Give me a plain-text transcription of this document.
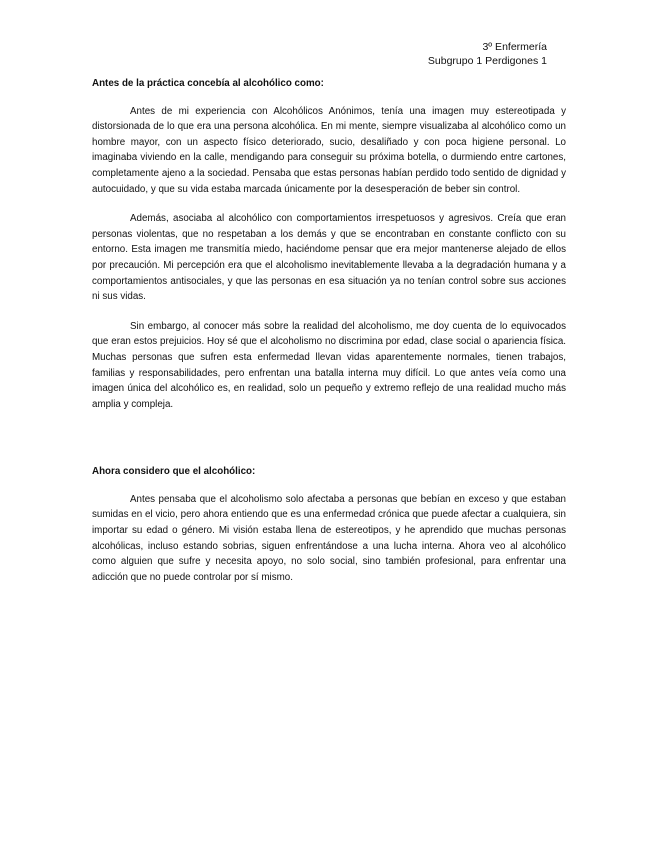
3º Enfermería
Subgrupo 1 Perdigones 1
Antes de la práctica concebía al alcohólico como:

Antes de mi experiencia con Alcohólicos Anónimos, tenía una imagen muy estereotipada y distorsionada de lo que era una persona alcohólica. En mi mente, siempre visualizaba al alcohólico como un hombre mayor, con un aspecto físico deteriorado, sucio, desaliñado y con poca higiene personal. Lo imaginaba viviendo en la calle, mendigando para conseguir su próxima botella, o durmiendo entre cartones, completamente ajeno a la sociedad. Pensaba que estas personas habían perdido todo sentido de dignidad y autocuidado, y que su vida estaba marcada únicamente por la desesperación de beber sin control.

Además, asociaba al alcohólico con comportamientos irrespetuosos y agresivos. Creía que eran personas violentas, que no respetaban a los demás y que se encontraban en constante conflicto con su entorno. Esta imagen me transmitía miedo, haciéndome pensar que era mejor mantenerse alejado de ellos por precaución. Mi percepción era que el alcoholismo inevitablemente llevaba a la degradación humana y a comportamientos antisociales, y que las personas en esa situación ya no tenían control sobre sus acciones ni sus vidas.

Sin embargo, al conocer más sobre la realidad del alcoholismo, me doy cuenta de lo equivocados que eran estos prejuicios. Hoy sé que el alcoholismo no discrimina por edad, clase social o apariencia física. Muchas personas que sufren esta enfermedad llevan vidas aparentemente normales, tienen trabajos, familias y responsabilidades, pero enfrentan una batalla interna muy difícil. Lo que antes veía como una imagen única del alcohólico es, en realidad, solo un pequeño y extremo reflejo de una realidad mucho más amplia y compleja.

Ahora considero que el alcohólico:

Antes pensaba que el alcoholismo solo afectaba a personas que bebían en exceso y que estaban sumidas en el vicio, pero ahora entiendo que es una enfermedad crónica que puede afectar a cualquiera, sin importar su edad o género. Mi visión estaba llena de estereotipos, y he aprendido que muchas personas alcohólicas, incluso estando sobrias, siguen enfrentándose a una lucha interna. Ahora veo al alcohólico como alguien que sufre y necesita apoyo, no solo social, sino también profesional, para enfrentar una adicción que no puede controlar por sí mismo.
